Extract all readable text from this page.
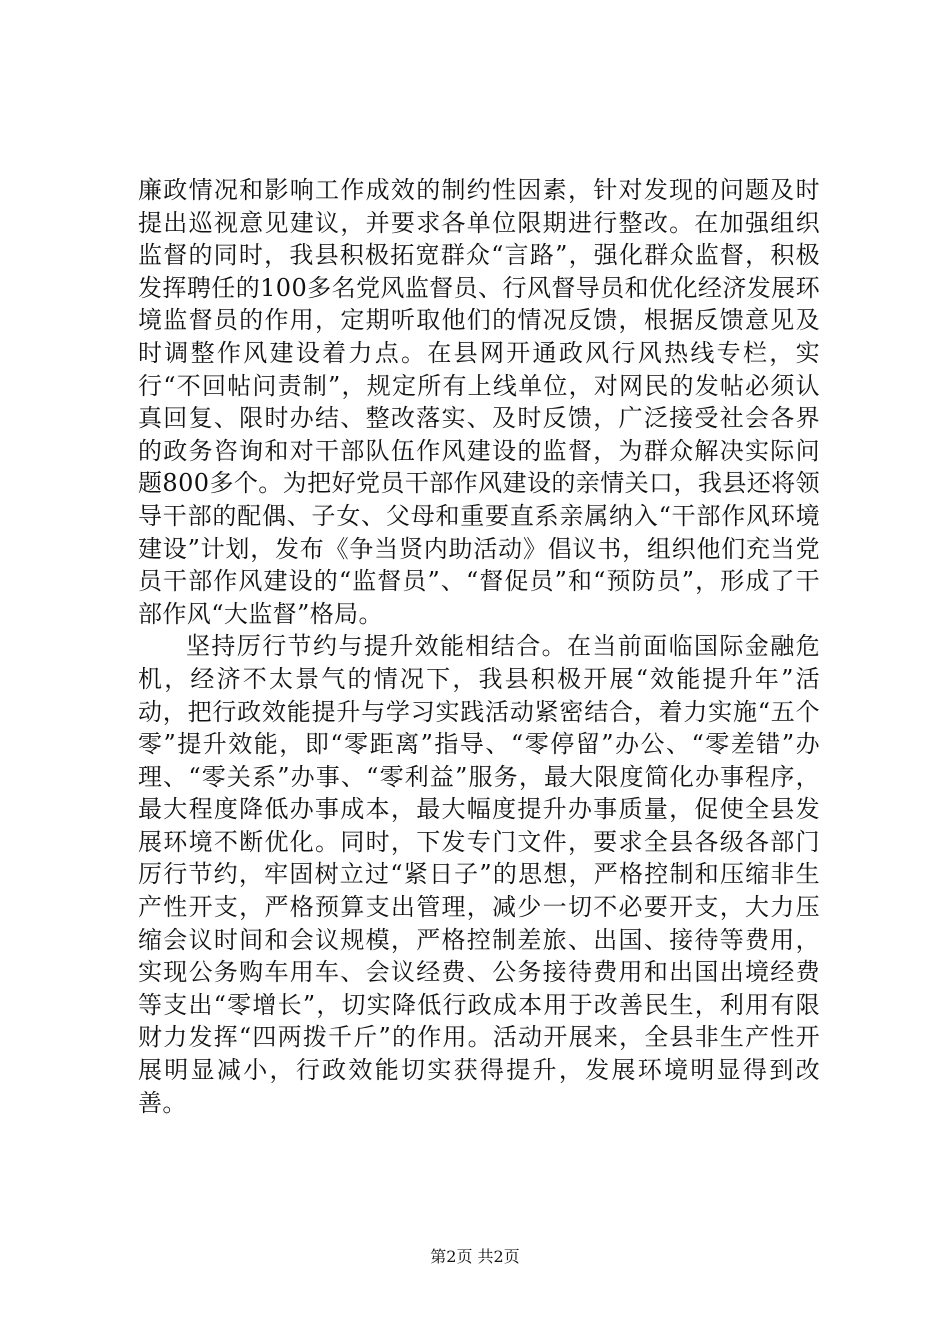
廉政情况和影响工作成效的制约性因素，针对发现的问题及时提出巡视意见建议，并要求各单位限期进行整改。在加强组织监督的同时，我县积极拓宽群众“言路”，强化群众监督，积极发挥聘任的100多名党风监督员、行风督导员和优化经济发展环境监督员的作用，定期听取他们的情况反馈，根据反馈意见及时调整作风建设着力点。在县网开通政风行风热线专栏，实行“不回帖问责制”，规定所有上线单位，对网民的发帖必须认真回复、限时办结、整改落实、及时反馈，广泛接受社会各界的政务咨询和对干部队伍作风建设的监督，为群众解决实际问题800多个。为把好党员干部作风建设的亲情关口，我县还将领导干部的配偶、子女、父母和重要直系亲属纳入“干部作风环境建设”计划，发布《争当贤内助活动》倡议书，组织他们充当党员干部作风建设的“监督员”、“督促员”和“预防员”，形成了干部作风“大监督”格局。

坚持厉行节约与提升效能相结合。在当前面临国际金融危机，经济不太景气的情况下，我县积极开展“效能提升年”活动，把行政效能提升与学习实践活动紧密结合，着力实施“五个零”提升效能，即“零距离”指导、“零停留”办公、“零差错”办理、“零关系”办事、“零利益”服务，最大限度简化办事程序，最大程度降低办事成本，最大幅度提升办事质量，促使全县发展环境不断优化。同时，下发专门文件，要求全县各级各部门厉行节约，牢固树立过“紧日子”的思想，严格控制和压缩非生产性开支，严格预算支出管理，减少一切不必要开支，大力压缩会议时间和会议规模，严格控制差旅、出国、接待等费用，实现公务购车用车、会议经费、公务接待费用和出国出境经费等支出“零增长”，切实降低行政成本用于改善民生，利用有限财力发挥“四两拨千斤”的作用。活动开展来，全县非生产性开展明显减小，行政效能切实获得提升，发展环境明显得到改善。

第2页 共2页
